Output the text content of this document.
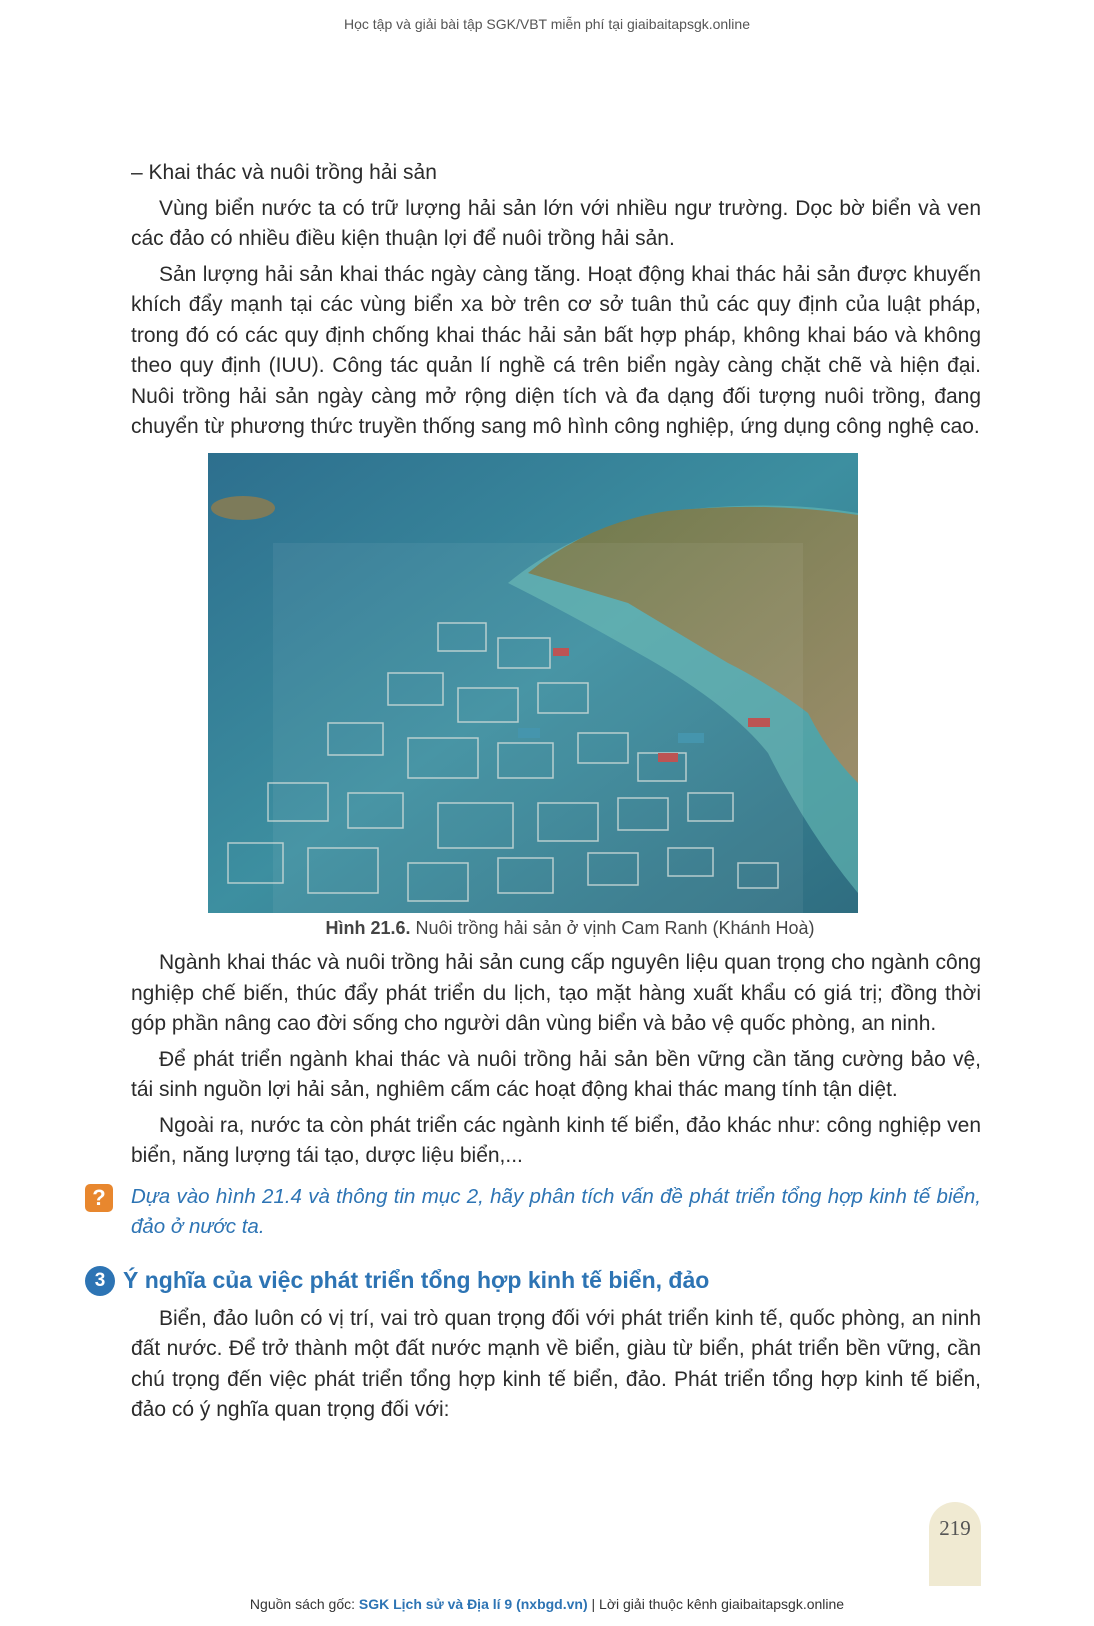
Học tập và giải bài tập SGK/VBT miễn phí tại giaibaitapsgk.online

– Khai thác và nuôi trồng hải sản

Vùng biển nước ta có trữ lượng hải sản lớn với nhiều ngư trường. Dọc bờ biển và ven các đảo có nhiều điều kiện thuận lợi để nuôi trồng hải sản.

Sản lượng hải sản khai thác ngày càng tăng. Hoạt động khai thác hải sản được khuyến khích đẩy mạnh tại các vùng biển xa bờ trên cơ sở tuân thủ các quy định của luật pháp, trong đó có các quy định chống khai thác hải sản bất hợp pháp, không khai báo và không theo quy định (IUU). Công tác quản lí nghề cá trên biển ngày càng chặt chẽ và hiện đại. Nuôi trồng hải sản ngày càng mở rộng diện tích và đa dạng đối tượng nuôi trồng, đang chuyển từ phương thức truyền thống sang mô hình công nghiệp, ứng dụng công nghệ cao.

Hình 21.6. Nuôi trồng hải sản ở vịnh Cam Ranh (Khánh Hoà)

Ngành khai thác và nuôi trồng hải sản cung cấp nguyên liệu quan trọng cho ngành công nghiệp chế biến, thúc đẩy phát triển du lịch, tạo mặt hàng xuất khẩu có giá trị; đồng thời góp phần nâng cao đời sống cho người dân vùng biển và bảo vệ quốc phòng, an ninh.

Để phát triển ngành khai thác và nuôi trồng hải sản bền vững cần tăng cường bảo vệ, tái sinh nguồn lợi hải sản, nghiêm cấm các hoạt động khai thác mang tính tận diệt.

Ngoài ra, nước ta còn phát triển các ngành kinh tế biển, đảo khác như: công nghiệp ven biển, năng lượng tái tạo, dược liệu biển,...

?	Dựa vào hình 21.4 và thông tin mục 2, hãy phân tích vấn đề phát triển tổng hợp kinh tế biển, đảo ở nước ta.
3 Ý nghĩa của việc phát triển tổng hợp kinh tế biển, đảo

Biển, đảo luôn có vị trí, vai trò quan trọng đối với phát triển kinh tế, quốc phòng, an ninh đất nước. Để trở thành một đất nước mạnh về biển, giàu từ biển, phát triển bền vững, cần chú trọng đến việc phát triển tổng hợp kinh tế biển, đảo. Phát triển tổng hợp kinh tế biển, đảo có ý nghĩa quan trọng đối với:

219
Nguồn sách gốc: SGK Lịch sử và Địa lí 9 (nxbgd.vn) | Lời giải thuộc kênh giaibaitapsgk.online
